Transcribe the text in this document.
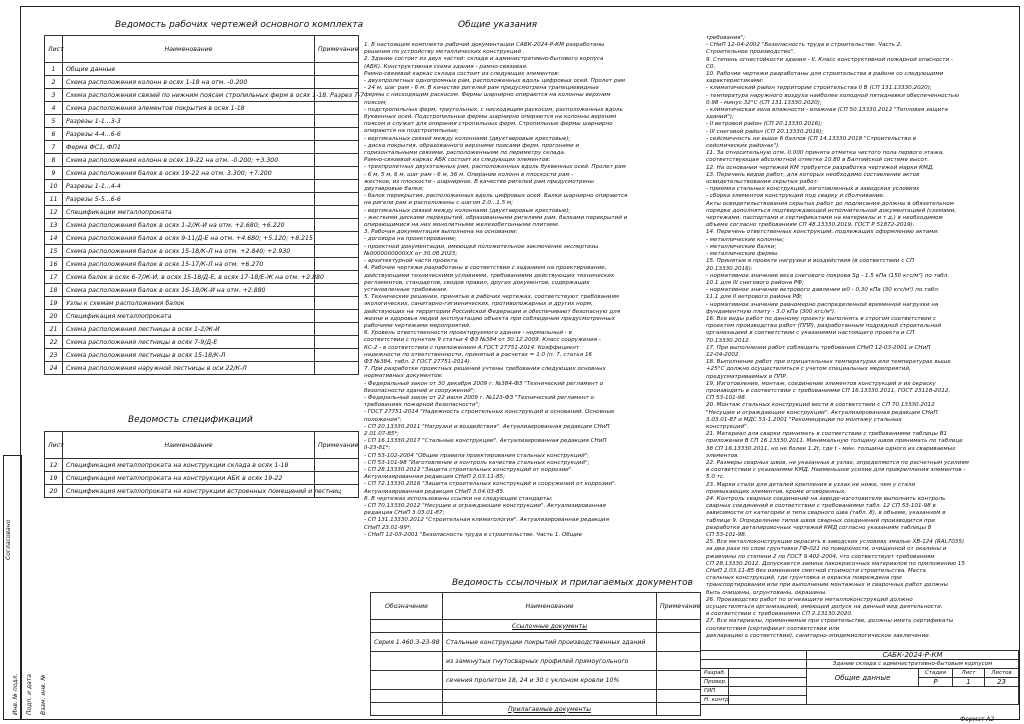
Согласовано
Инв. № подл. Подп. и дата Взам. инв. №
Ведомость рабочих чертежей основного комплекта
Лист	Наименование	Примечание
1	Общие данные	
2	Схема расположения колонн в осях 1-18 на отм. -0.200	
3	Схема расположения связей по нижним поясам стропильных ферм в осях 1-18. Разрез 7-7	
4	Схема расположения элементов покрытия в осях 1-18	
5	Разрезы 1-1...3-3	
6	Разрезы 4-4...6-6	
7	Ферма ФС1, ФП1	
8	Схема расположения колонн в осях 19-22 на отм. -0.200; +3.300	
9	Схема расположения балок в осях 19-22 на отм. 3.300; +7.200	
10	Разрезы 1-1...4-4	
11	Разрезы 5-5...6-6	
12	Спецификации металлопроката	
13	Схема расположения балок в осях 1-2/Ж-И на отм. +2.680; +6.220	
14	Схема расположения балок в осях 9-11/Д-Е на отм. +4.680; +5.120; +8.215	
15	Схема расположения балок в осях 15-18/К-Л на отм. +2.840; +2.930	
16	Схема расположения балок в осях 15-17/К-Л на отм. +6.270	
17	Схема балок в осях 6-7/Ж-И, в осях 15-18/Д-Е, в осях 17-18/Е-Ж на отм. +2.880	
18	Схема расположения балок в осях 16-18/Ж-И на отм. +2.880	
19	Узлы к схемам расположения балок	
20	Спецификация металлопроката	
21	Схема расположения лестницы в осях 1-2/Ж-И	
22	Схема расположения лестницы в осях 7-9/Д-Е	
23	Схема расположения лестницы в осях 15-18/К-Л	
24	Схема расположения наружной лестницы в оси 22/К-Л	
Ведомость спецификаций
Лист	Наименование	Примечание
12	Спецификация металлопроката на конструкции склада в осях 1-18	
19	Спецификация металлопроката на конструкции АБК в осях 19-22	
20	Спецификация металлопроката на конструкции встроенных помещений и лестниц	
Общие указания
1. В настоящем комплекте рабочей документации САБК-2024-Р-КМ разработаны
решения по устройству металлических конструкций .
2. Здание состоит из двух частей: склада и административно-бытового корпуса
(АБК). Конструктивная схема здания - рамно-связевая.
Рамно-связевой каркас склада состоит из следующих элементов:
- двухпролетных однопромных рам, расположенных вдоль цифровых осей. Пролет рам
- 24 м, шаг рам - 6 м. В качестве ригелей рам предусмотрена трапециевидные
фермы с нисходящим раскосом. Фермы шарнирно опираются на колонны верхним
поясом;
- подстропильных ферм, треугольных, с нисходящим раскосом, расположенных вдоль
буквенных осей. Подстропильные фермы шарнирно опираются на колонны верхним
поясом и служат для опирания стропильных ферм. Стропильные фермы шарнирно
опираются на подстропильные;
- вертикальных связей между колоннами (двухтавровые крестовые);
- диска покрытия, образованного верхними поясами ферм, прогонами и
горизонтальными связями, расположенными по периметру склада.
Рамно-связевой каркас АБК состоит из следующих элементов:
- трехпролетных двухэтажных рам, расположенных вдоль буквенных осей. Пролет рам
- 6 м, 5 м, 6 м, шаг рам - 6 м, 36 м. Опирание колонн в плоскости рам -
жесткое, из плоскости - шарнирное. В качестве ригелей рам предусмотрены
двутавровые балки;
- балок перекрытия, расположенных вдоль цифровых осей. Балки шарнирно опираются
на ригели рам и расположены с шагом 2.0...1.5 м;
- вертикальных связей между колоннами (двухтавровые крестовые);
- жесткими дисками перекрытий, образованными ригелями рам, балками перекрытий и
опирающимися на них монолитными железобетонными плитами.
3. Рабочая документация выполнена на основании:
- договора на проектирование;
- проектной документации, имеющей положительное заключение экспертизы
№0000000000XX от 30.08.2023;
- архитектурной части проекта.
4. Рабочие чертежи разработаны в соответствии с заданием на проектирование,
действующими техническими условиями, требованиями действующих технических
регламентов, стандартов, сводов правил, других документов, содержащих
установленные требования.
5. Технические решения, принятые в рабочих чертежах, соответствуют требованиям
экологических, санитарно-гигиенических, противопожарных и других норм,
действующих на территории Российской Федерации и обеспечивают безопасную для
жизни и здоровья людей эксплуатацию объекта при соблюдении предусмотренных
рабочими чертежами мероприятий.
6. Уровень ответственности проектируемого здания - нормальный - в
соответствии с пунктом 9 статьи 4 ФЗ №384 от 30.12.2009. Класс сооружения -
КС-2 - в соответствии с приложением А ГОСТ 27751-2014. Коэффициент
надежности по ответственности, принятый в расчетах = 1.0 (п. 7, статья 16
ФЗ №384, табл. 2 ГОСТ 27751-2014).
7. При разработке проектных решений учтены требования следующих основных
нормативных документов:
- Федеральный закон от 30 декабря 2009 г. №384-ФЗ "Технический регламент о
безопасности зданий и сооружений";
- Федеральный закон от 22 июля 2009 г. №123-ФЗ "Технический регламент о
требованиях пожарной безопасности";
- ГОСТ 27751-2014 "Надежность строительных конструкций и оснований. Основные
положения";
- СП 20.13330.2011 "Нагрузки и воздействия". Актуализированная редакция СНиП
2.01.07-85*;
- СП 16.13330.2017 "Стальные конструкции". Актуализированная редакция СНиП
II-23-81*;
- СП 53-102-2004 "Общие правила проектирования стальных конструкций";
- СП 53-101-98 "Изготовление и контроль качества стальных конструкций";
- СП 28.13330.2012 "Защита строительных конструкций от коррозии".
Актуализированная редакция СНиП 2.03.11-85;
- СП 72.13330.2016 "Защита строительных конструкций и сооружений от коррозии".
Актуализированная редакция СНиП 3.04.03-85.
8. В чертежах использованы ссылки на следующие стандарты:
- СП 70.13330.2012 "Несущие и ограждающие конструкции". Актуализированная
редакция СНиП 3.03.01-87;
- СП 131.13330.2012 "Строительная климатология". Актуализированная редакция
СНиП 23.01-99*;
- СНиП 12-03-2001 "Безопасность труда в строительстве. Часть 1. Общие
требования";
- СНиП 12-04-2002 "Безопасность труда в строительстве. Часть 2.
Строительное производство".
9. Степень огнестойкости здания - II. Класс конструктивной пожарной опасности -
С0.
10. Рабочие чертежи разработаны для строительства в районе со следующими
характеристиками:
- климатический район территории строительства II В (СП 131.13330.2020);
- температура наружного воздуха наиболее холодной пятидневки обеспеченностью
0.98 - минус 32°С (СП 131.13330.2020);
- климатическая зона влажности - влажная (СП 50.13330.2012 "Тепловая защита
зданий");
- II ветровой район (СП 20.13330.2016);
- III снеговой район (СП 20.13330.2016);
- сейсмичность не выше 6 баллов (СП 14.13330.2018 "Строительство в
сейсмических районах").
11. За относительную отм. 0.000 принята отметка чистого пола первого этажа,
соответствующая абсолютной отметке 10.80 в Балтийской системе высот.
12. На основании чертежей КМ требуется разработка чертежей марки КМД.
13. Перечень видов работ, для которых необходимо составление актов
освидетельствования скрытых работ:
- приемка стальных конструкций, изготовленных в заводских условиях
- сборка элементов конструкций под сварку и сболчивание.
Акты освидетельствования скрытых работ до подписания должны в обязательном
порядке дополняться подтверждающей исполнительной документацией (схемами,
чертежами, паспортами и сертификатами на материалы и т.д.) в необходимом
объеме согласно требованиям СП 48.13330.2019, ГОСТ Р 51872-2019).
14. Перечень ответственных конструкций, подлежащих оформлению актами:
- металлические колонны;
- металлические балки;
- металлические фермы.
15. Принятые в проекте нагрузки и воздействия (в соответствии с СП
20.13330.2016):
- нормативное значение веса снегового покрова Sg - 1.5 кПа (150 кгс/м²) по табл.
10.1 для III снегового района РФ;
- нормативное значение ветрового давления w0 - 0.30 кПа (30 кгс/м²) по табл.
11.1 для II ветрового района РФ;
- нормативное значение равномерно распределенной временной нагрузки на
фундаментную плиту - 3.0 кПа (300 кгс/м²).
16. Все виды работ по данному проекту выполнять в строгом соответствии с
проектом производства работ (ППР), разработанным подрядной строительной
организацией в соответствии с указаниями настоящего проекта и СП
70.13330.2012.
17. При выполнении работ соблюдать требования СНиП 12-03-2001 и СНиП
12-04-2002.
18. Выполнение работ при отрицательных температурах или температурах выше
+25°С должно осуществляться с учетом специальных мероприятий,
предусматриваемых в ППР.
19. Изготовление, монтаж, соединение элементов конструкций и их окраску
производить в соответствии с требованиями СП 16.13330.2011, ГОСТ 23118-2012,
СП 53-101-98.
20. Монтаж стальных конструкций вести в соответствии с СП 70.13330.2012
"Несущие и ограждающие конструкции". Актуализированная редакция СНиП
3.03.01-87 и МДС 53-1.2001 "Рекомендации по монтажу стальных
конструкций".
21. Материал для сварки принимать в соответствии с требованиями таблицы В1
приложения В СП 16.13330.2011. Минимальную толщину швов принимать по таблице
38 СП 16.13330.2011, но не более 1.2t, где t - мин. толщина одного из свариваемых
элементов.
22. Размеры сварных швов, не указанных в узлах, определяются по расчетным усилиям
в соответствии с указаниями КМД. Наименьшее усилие для прикрепления элементов -
5.0 тс.
23. Марки стали для деталей крепления в узлах не ниже, чем у стали
примыкающих элементов, кроме оговоренных.
24. Контроль сварных соединений на заводе-изготовителе выполнить контроль
сварных соединений в соответствии с требованиями табл. 12 СП 53-101-98 в
зависимости от категории и типа сварного шва (табл. 8), в объеме, указанном в
таблице 9. Определение типов швов сварных соединений производится при
разработке деталировочных чертежей КМД согласно указаниям таблицы 8
СП 53-101-98.
25. Все металлоконструкции окрасить в заводских условиях эмалью ХВ-124 (RAL7035)
за два раза по слою грунтовки ГФ-021 по поверхности, очищенной от окалины и
ржавчины по степени 2 по ГОСТ 9.402-2004, что соответствует требованиям
СП 28.13330.2012. Допускается замена лакокрасочных материалов по приложению 15
СНиП 2.03.11-85 без изменения сметной стоимости строительства. Места
стальных конструкций, где грунтовка и окраска повреждена при
транспортировании или при выполнении монтажных и сварочных работ должны
быть очищены, огрунтованы, окрашены.
26. Производство работ по огнезащите металлоконструкций должно
осуществляться организацией, имеющей допуск на данный вид деятельности,
в соответствии с требованиями СП 2.13130.2020.
27. Все материалы, применяемые при строительстве, должны иметь сертификаты
соответствия (сертификат соответствия или
декларацию о соответствии), санитарно-эпидемиологическое заключение.
Ведомость ссылочных и прилагаемых документов
Обозначение	Наименование	Примечание
	Ссылочные документы	
Серия 1.460.3-23-98	Стальные конструкции покрытий производственных зданий	
	из замкнутых гнутосварных профилей прямоугольного	
	сечения пролетом 18, 24 и 30 с уклоном кровли 10%	

	Прилагаемые документы	
		САБК-2024-Р-КМ			
		Здание склада с административно-бытовым корпусом			
Разраб.		Общие данные	Стадия	Лист	Листов
Провер.			Р	1	23
ГИП					
Н. контр.					
Формат А2
